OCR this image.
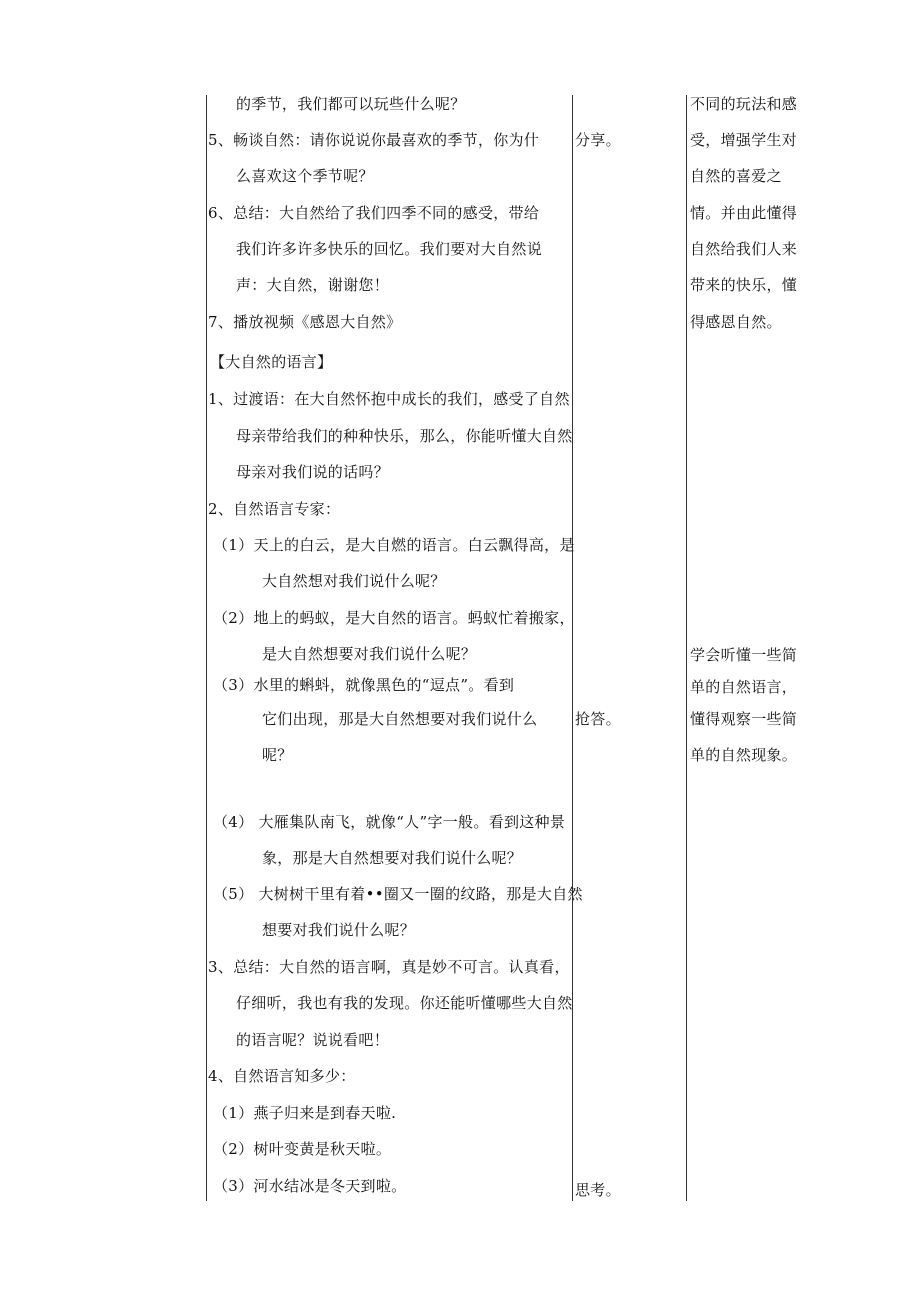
的季节，我们都可以玩些什么呢？
5、畅谈自然：请你说说你最喜欢的季节，你为什
么喜欢这个季节呢？
6、总结：大自然给了我们四季不同的感受，带给
我们许多许多快乐的回忆。我们要对大自然说
声：大自然，谢谢您！
7、播放视频《感恩大自然》
【大自然的语言】
1、过渡语：在大自然怀抱中成长的我们，感受了自然
母亲带给我们的种种快乐，那么，你能听懂大自然
母亲对我们说的话吗？
2、自然语言专家：
（1）天上的白云，是大自燃的语言。白云飘得高，是
大自然想对我们说什么呢？
（2）地上的蚂蚁，是大自然的语言。蚂蚁忙着搬家，
是大自然想要对我们说什么呢？
（3）水里的蝌蚪，就像黑色的“逗点”。看到
它们出现，那是大自然想要对我们说什么
呢？
（4） 大雁集队南飞，就像“人”字一般。看到这种景
象，那是大自然想要对我们说什么呢？
（5） 大树树干里有着••圈又一圈的纹路，那是大自然
想要对我们说什么呢？
3、总结：大自然的语言啊，真是妙不可言。认真看，
仔细听，我也有我的发现。你还能听懂哪些大自然
的语言呢？说说看吧！
4、自然语言知多少：
（1）燕子归来是到春天啦.
（2）树叶变黄是秋天啦。
（3）河水结冰是冬天到啦。
分享。
抢答。
思考。
不同的玩法和感
受，增强学生对
自然的喜爱之
情。并由此懂得
自然给我们人来
带来的快乐，懂
得感恩自然。
学会听懂一些简
单的自然语言，
懂得观察一些简
单的自然现象。
